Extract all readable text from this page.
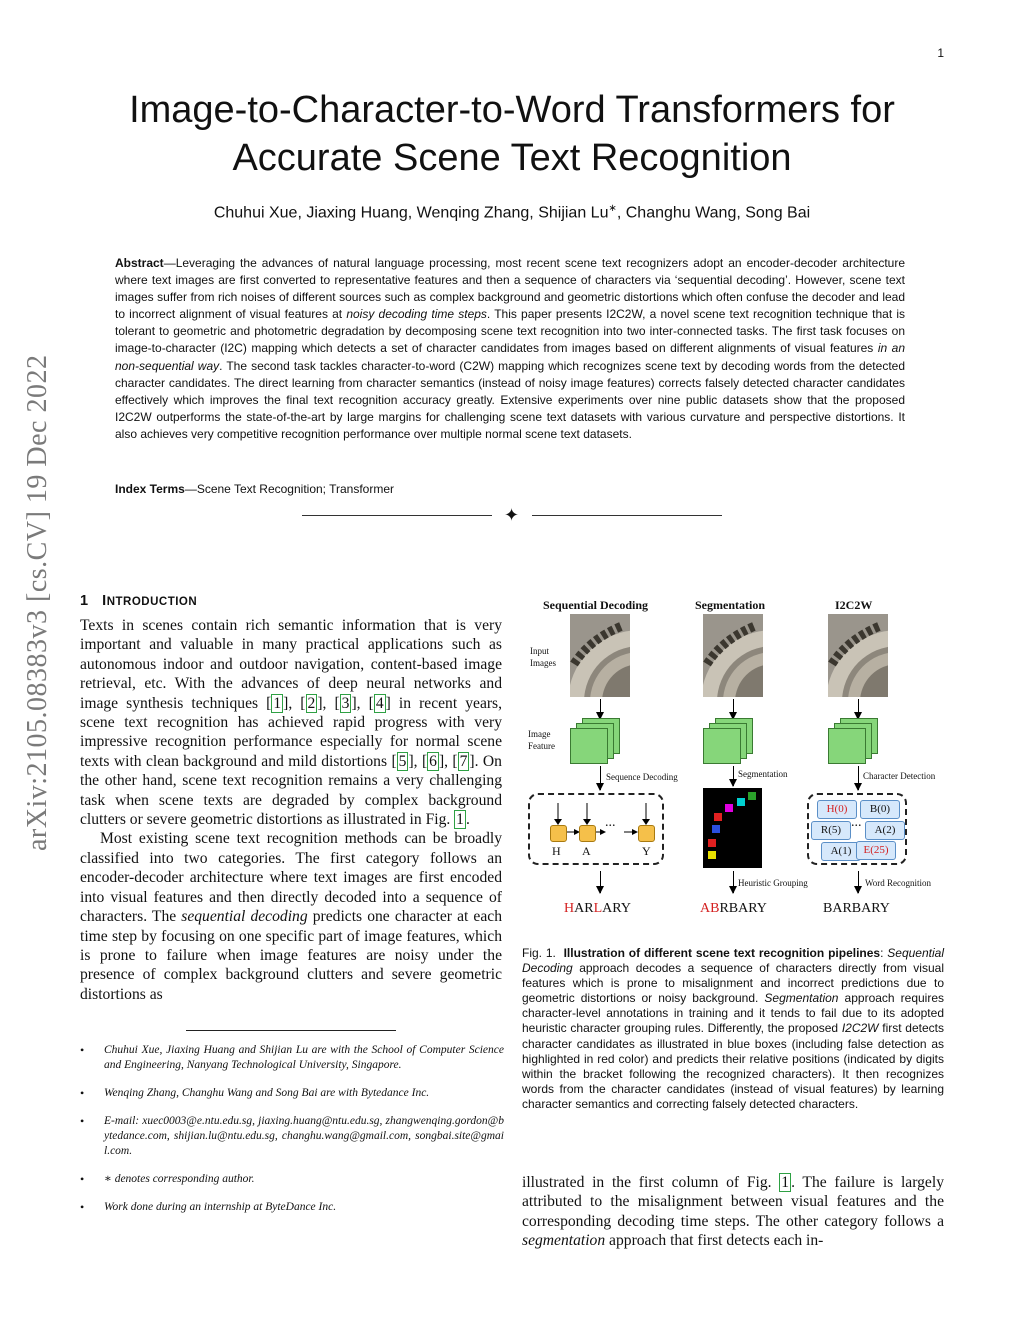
1
Image-to-Character-to-Word Transformers for
Accurate Scene Text Recognition
Chuhui Xue, Jiaxing Huang, Wenqing Zhang, Shijian Lu∗, Changhu Wang, Song Bai
Abstract—Leveraging the advances of natural language processing, most recent scene text recognizers adopt an encoder-decoder architecture where text images are first converted to representative features and then a sequence of characters via ‘sequential decoding’. However, scene text images suffer from rich noises of different sources such as complex background and geometric distortions which often confuse the decoder and lead to incorrect alignment of visual features at noisy decoding time steps. This paper presents I2C2W, a novel scene text recognition technique that is tolerant to geometric and photometric degradation by decomposing scene text recognition into two inter-connected tasks. The first task focuses on image-to-character (I2C) mapping which detects a set of character candidates from images based on different alignments of visual features in an non-sequential way. The second task tackles character-to-word (C2W) mapping which recognizes scene text by decoding words from the detected character candidates. The direct learning from character semantics (instead of noisy image features) corrects falsely detected character candidates effectively which improves the final text recognition accuracy greatly. Extensive experiments over nine public datasets show that the proposed I2C2W outperforms the state-of-the-art by large margins for challenging scene text datasets with various curvature and perspective distortions. It also achieves very competitive recognition performance over multiple normal scene text datasets.
Index Terms—Scene Text Recognition; Transformer
✦
arXiv:2105.08383v3 [cs.CV] 19 Dec 2022 1 INTRODUCTION

Texts in scenes contain rich semantic information that is very important and valuable in many practical applications such as autonomous indoor and outdoor navigation, content-based image retrieval, etc. With the advances of deep neural networks and image synthesis techniques [ 1 ], [ 2 ], [ 3 ], [ 4 ] in recent years, scene text recognition has achieved rapid progress with very impressive recognition performance especially for normal scene texts with clean background and mild distortions [ 5 ], [ 6 ], [ 7 ]. On the other hand, scene text recognition remains a very challenging task when scene texts are degraded by complex background clutters or severe geometric distortions as illustrated in Fig. 1 .

Most existing scene text recognition methods can be broadly classified into two categories. The first category follows an encoder-decoder architecture where text images are first encoded into visual features and then directly decoded into a sequence of characters. The sequential decoding predicts one character at each time step by focusing on one specific part of image features, which is prone to failure when image features are noisy under the presence of complex background clutters and severe geometric distortions as

• Chuhui Xue, Jiaxing Huang and Shijian Lu are with the School of Computer Science and Engineering, Nanyang Technological University, Singapore.
• Wenqing Zhang, Changhu Wang and Song Bai are with Bytedance Inc.
• E-mail: xuec0003@e.ntu.edu.sg, jiaxing.huang@ntu.edu.sg, zhangwenqing.gordon@bytedance.com, shijian.lu@ntu.edu.sg, changhu.wang@gmail.com, songbai.site@gmail.com.
• ∗ denotes corresponding author.
• Work done during an internship at ByteDance Inc.
Sequential Decoding	Segmentation	I2C2W
Input
Images
Image
Feature
Sequence Decoding	Segmentation	Character Detection
...
H A	Y
H(0)	B(0)
R(5) ...	A(2)
A(1)	E(25)
Heuristic Grouping	Word Recognition
HARLARY	ABRBARY	BARBARY
Fig. 1. Illustration of different scene text recognition pipelines: Sequential Decoding approach decodes a sequence of characters directly from visual features which is prone to misalignment and incorrect predictions due to geometric distortions or noisy background. Segmentation approach requires character-level annotations in training and it tends to fail due to its adopted heuristic character grouping rules. Differently, the proposed I2C2W first detects character candidates as illustrated in blue boxes (including false detection as highlighted in red color) and predicts their relative positions (indicated by digits within the bracket following the recognized characters). It then recognizes words from the character candidates (instead of visual features) by learning character semantics and correcting falsely detected characters.
illustrated in the first column of Fig. 1 . The failure is largely attributed to the misalignment between visual features and the corresponding decoding time steps. The other category follows a segmentation approach that first detects each in-
